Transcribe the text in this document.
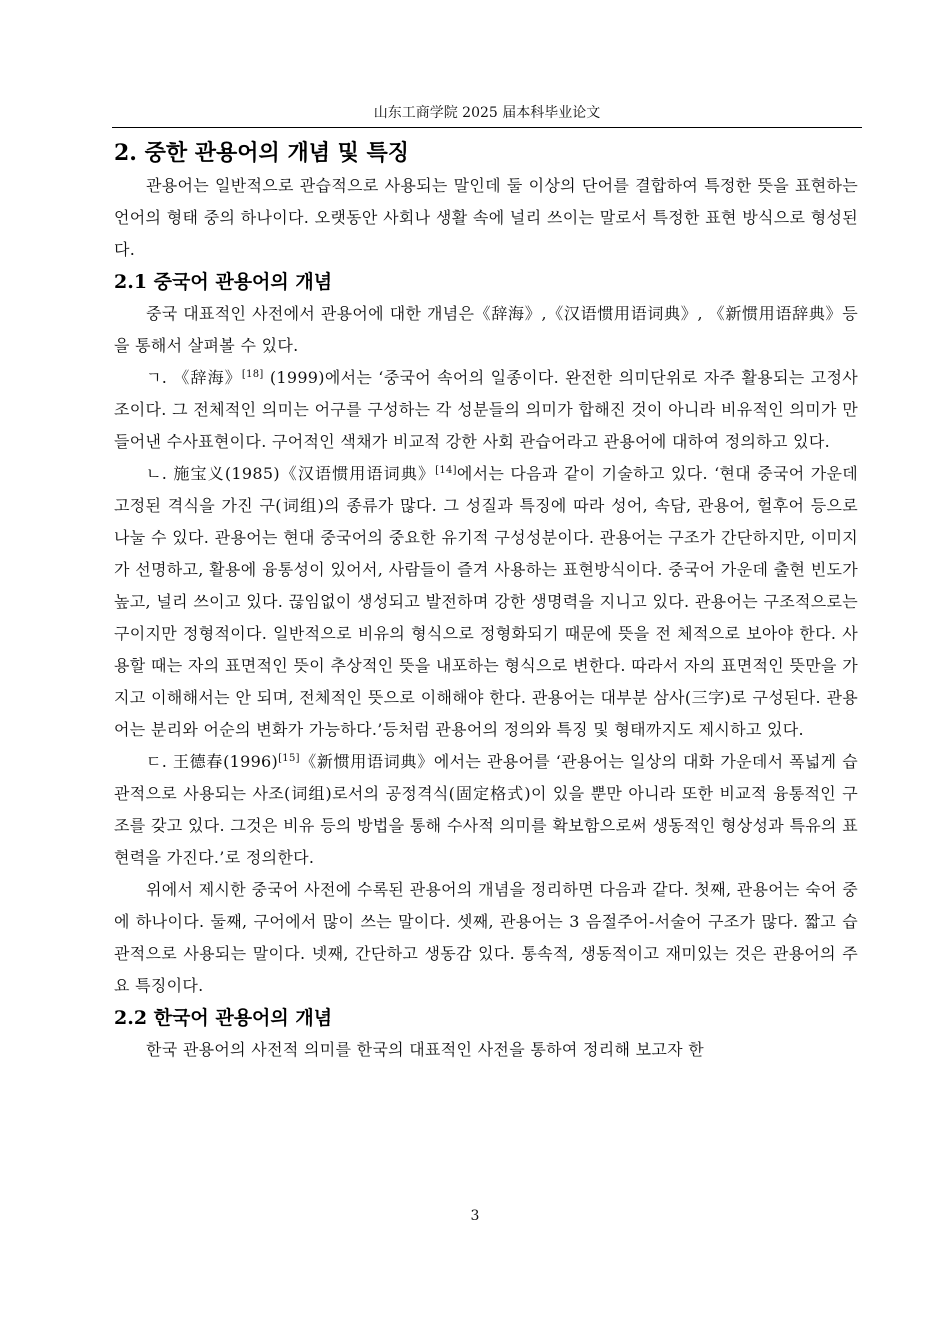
山东工商学院 2025 届本科毕业论文
2. 중한 관용어의 개념 및 특징

관용어는 일반적으로 관습적으로 사용되는 말인데 둘 이상의 단어를 결합하여 특정한 뜻을 표현하는 언어의 형태 중의 하나이다. 오랫동안 사회나 생활 속에 널리 쓰이는 말로서 특정한 표현 방식으로 형성된다.

2.1 중국어 관용어의 개념

중국 대표적인 사전에서 관용어에 대한 개념은《辞海》,《汉语惯用语词典》, 《新惯用语辞典》등을 통해서 살펴볼 수 있다.

ㄱ. 《辞海》[18] (1999)에서는 ‘중국어 속어의 일종이다. 완전한 의미단위로 자주 활용되는 고정사조이다. 그 전체적인 의미는 어구를 구성하는 각 성분들의 의미가 합해진 것이 아니라 비유적인 의미가 만들어낸 수사표현이다. 구어적인 색채가 비교적 강한 사회 관습어라고 관용어에 대하여 정의하고 있다.

ㄴ. 施宝义(1985)《汉语惯用语词典》[14]에서는 다음과 같이 기술하고 있다. ‘현대 중국어 가운데 고정된 격식을 가진 구(词组)의 종류가 많다. 그 성질과 특징에 따라 성어, 속담, 관용어, 헐후어 등으로 나눌 수 있다. 관용어는 현대 중국어의 중요한 유기적 구성성분이다. 관용어는 구조가 간단하지만, 이미지가 선명하고, 활용에 융통성이 있어서, 사람들이 즐겨 사용하는 표현방식이다. 중국어 가운데 출현 빈도가 높고, 널리 쓰이고 있다. 끊임없이 생성되고 발전하며 강한 생명력을 지니고 있다. 관용어는 구조적으로는 구이지만 정형적이다. 일반적으로 비유의 형식으로 정형화되기 때문에 뜻을 전 체적으로 보아야 한다. 사용할 때는 자의 표면적인 뜻이 추상적인 뜻을 내포하는 형식으로 변한다. 따라서 자의 표면적인 뜻만을 가지고 이해해서는 안 되며, 전체적인 뜻으로 이해해야 한다. 관용어는 대부분 삼사(三字)로 구성된다. 관용어는 분리와 어순의 변화가 가능하다.’등처럼 관용어의 정의와 특징 및 형태까지도 제시하고 있다.

ㄷ. 王德春(1996)[15]《新惯用语词典》에서는 관용어를 ‘관용어는 일상의 대화 가운데서 폭넓게 습관적으로 사용되는 사조(词组)로서의 공정격식(固定格式)이 있을 뿐만 아니라 또한 비교적 융통적인 구조를 갖고 있다. 그것은 비유 등의 방법을 통해 수사적 의미를 확보함으로써 생동적인 형상성과 특유의 표현력을 가진다.’로 정의한다.

위에서 제시한 중국어 사전에 수록된 관용어의 개념을 정리하면 다음과 같다. 첫째, 관용어는 숙어 중에 하나이다. 둘째, 구어에서 많이 쓰는 말이다. 셋째, 관용어는 3 음절주어-서술어 구조가 많다. 짧고 습관적으로 사용되는 말이다. 넷째, 간단하고 생동감 있다. 통속적, 생동적이고 재미있는 것은 관용어의 주요 특징이다.

2.2 한국어 관용어의 개념

한국 관용어의 사전적 의미를 한국의 대표적인 사전을 통하여 정리해 보고자 한

3
